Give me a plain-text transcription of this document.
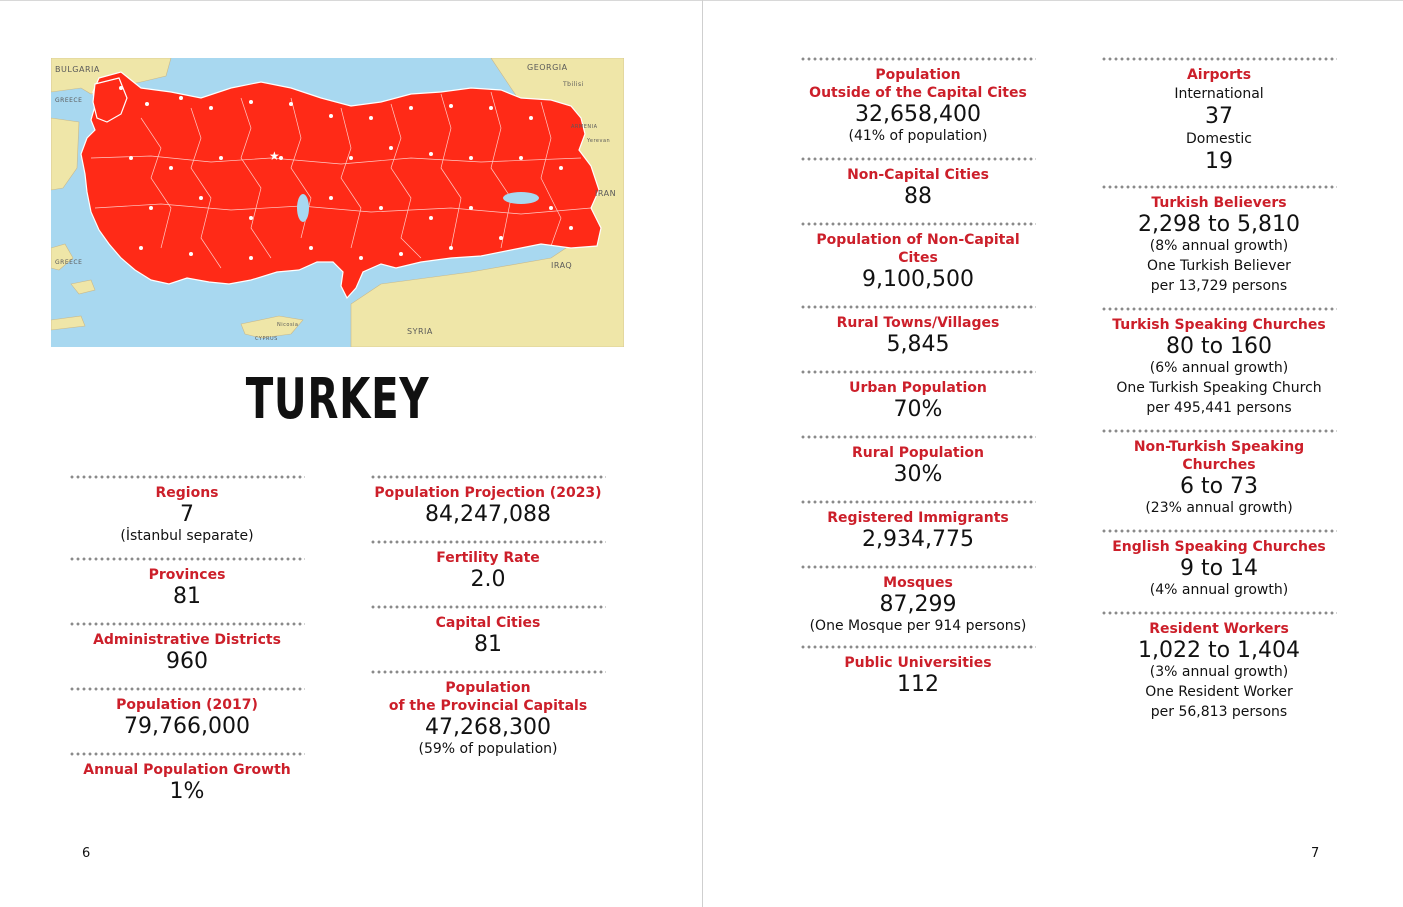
★
BULGARIA
GREECE
GEORGIA
Tbilisi
ARMENIA
Yerevan
IRAN
IRAQ
SYRIA
CYPRUS
Nicosia
GREECE
TURKEY
Regions
7
(İstanbul separate)
Provinces
81
Administrative Districts
960
Population (2017)
79,766,000
Annual Population Growth
1%
Population Projection (2023)
84,247,088
Fertility Rate
2.0
Capital Cities
81
Population
of the Provincial Capitals
47,268,300
(59% of population)
Population
Outside of the Capital Cites
32,658,400
(41% of population)
Non-Capital Cities
88
Population of Non-Capital Cites
9,100,500
Rural Towns/Villages
5,845
Urban Population
70%
Rural Population
30%
Registered Immigrants
2,934,775
Mosques
87,299
(One Mosque per 914 persons)
Public Universities
112
Airports
International
37
Domestic
19
Turkish Believers
2,298 to 5,810
(8% annual growth)
One Turkish Believer
per 13,729 persons
Turkish Speaking Churches
80 to 160
(6% annual growth)
One Turkish Speaking Church
per 495,441 persons
Non-Turkish Speaking Churches
6 to 73
(23% annual growth)
English Speaking Churches
9 to 14
(4% annual growth)
Resident Workers
1,022 to 1,404
(3% annual growth)
One Resident Worker
per 56,813 persons
6	7
